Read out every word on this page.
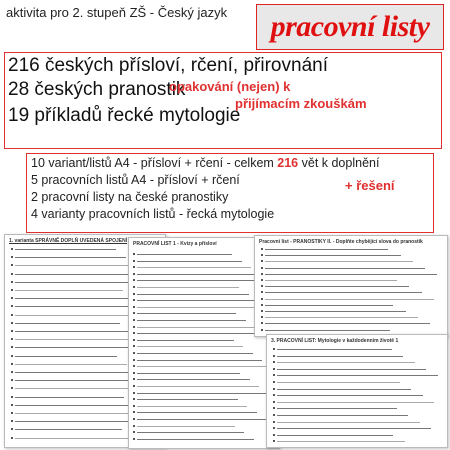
aktivita pro 2. stupeň ZŠ - Český jazyk	pracovní listy
216 českých přísloví, rčení, přirovnání
28 českých pranostik
opakování (nejen) k
přijímacím zkouškám
19 příkladů řecké mytologie
10 variant/listů A4 - přísloví + rčení - celkem 216 vět k doplnění
5 pracovních listů A4 - přísloví + rčení
2 pracovní listy na české pranostiky
4 varianty pracovních listů - řecká mytologie
+ řešení
1. varianta SPRÁVNĚ DOPLŇ UVEDENÁ SPOJENÍ PRACOVNÍ LIST 1 - Kvízy a přísloví	Pracovní list - PRANOSTIKY II. - Doplňte chybějící slova do pranostik
3. PRACOVNÍ LIST: Mytologie v každodenním životě 1
